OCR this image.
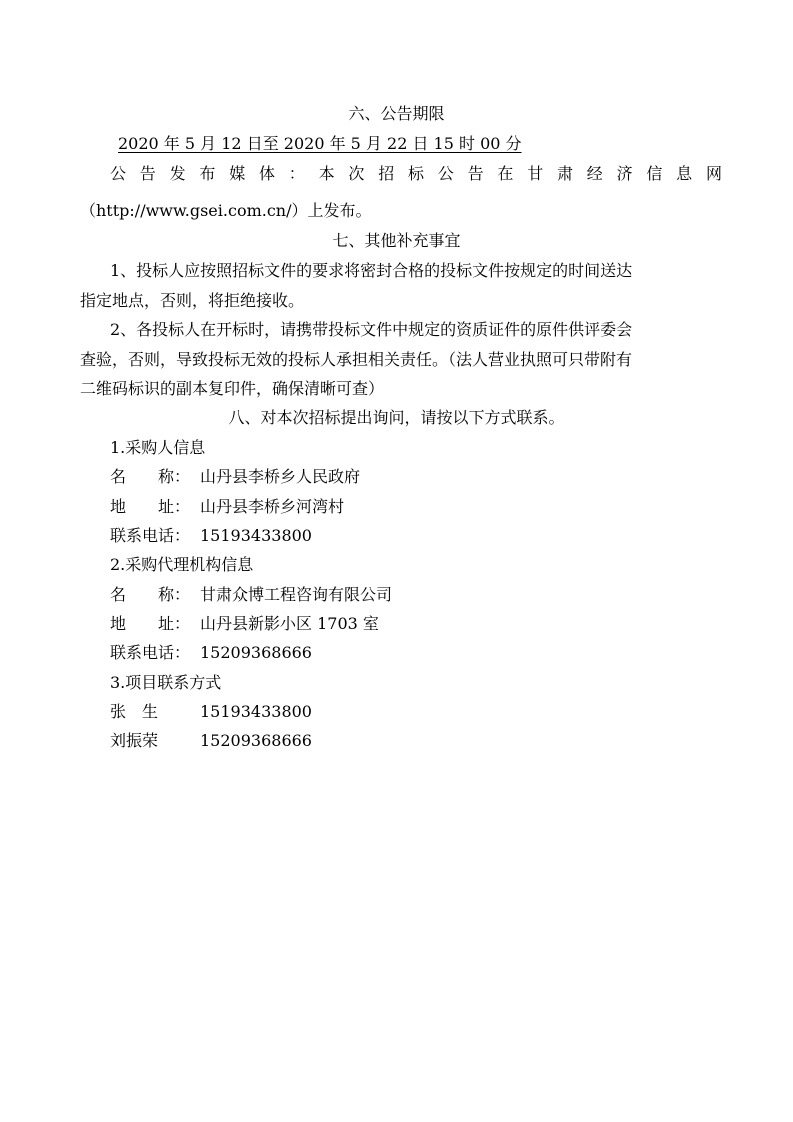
六、公告期限
2020 年 5 月 12 日至 2020 年 5 月 22 日 15 时 00 分
公告发布媒体：本次招标公告在甘肃经济信息网
（http://www.gsei.com.cn/）上发布。
七、其他补充事宜
1、投标人应按照招标文件的要求将密封合格的投标文件按规定的时间送达
指定地点，否则，将拒绝接收。
2、各投标人在开标时，请携带投标文件中规定的资质证件的原件供评委会
查验，否则，导致投标无效的投标人承担相关责任。（法人营业执照可只带附有
二维码标识的副本复印件，确保清晰可查）
八、对本次招标提出询问，请按以下方式联系。
1.采购人信息
名　　称： 山丹县李桥乡人民政府
地　　址： 山丹县李桥乡河湾村
联系电话： 15193433800
2.采购代理机构信息
名　　称： 甘肃众博工程咨询有限公司
地　　址： 山丹县新影小区 1703 室
联系电话： 15209368666
3.项目联系方式
张　生	15193433800
刘振荣	15209368666
